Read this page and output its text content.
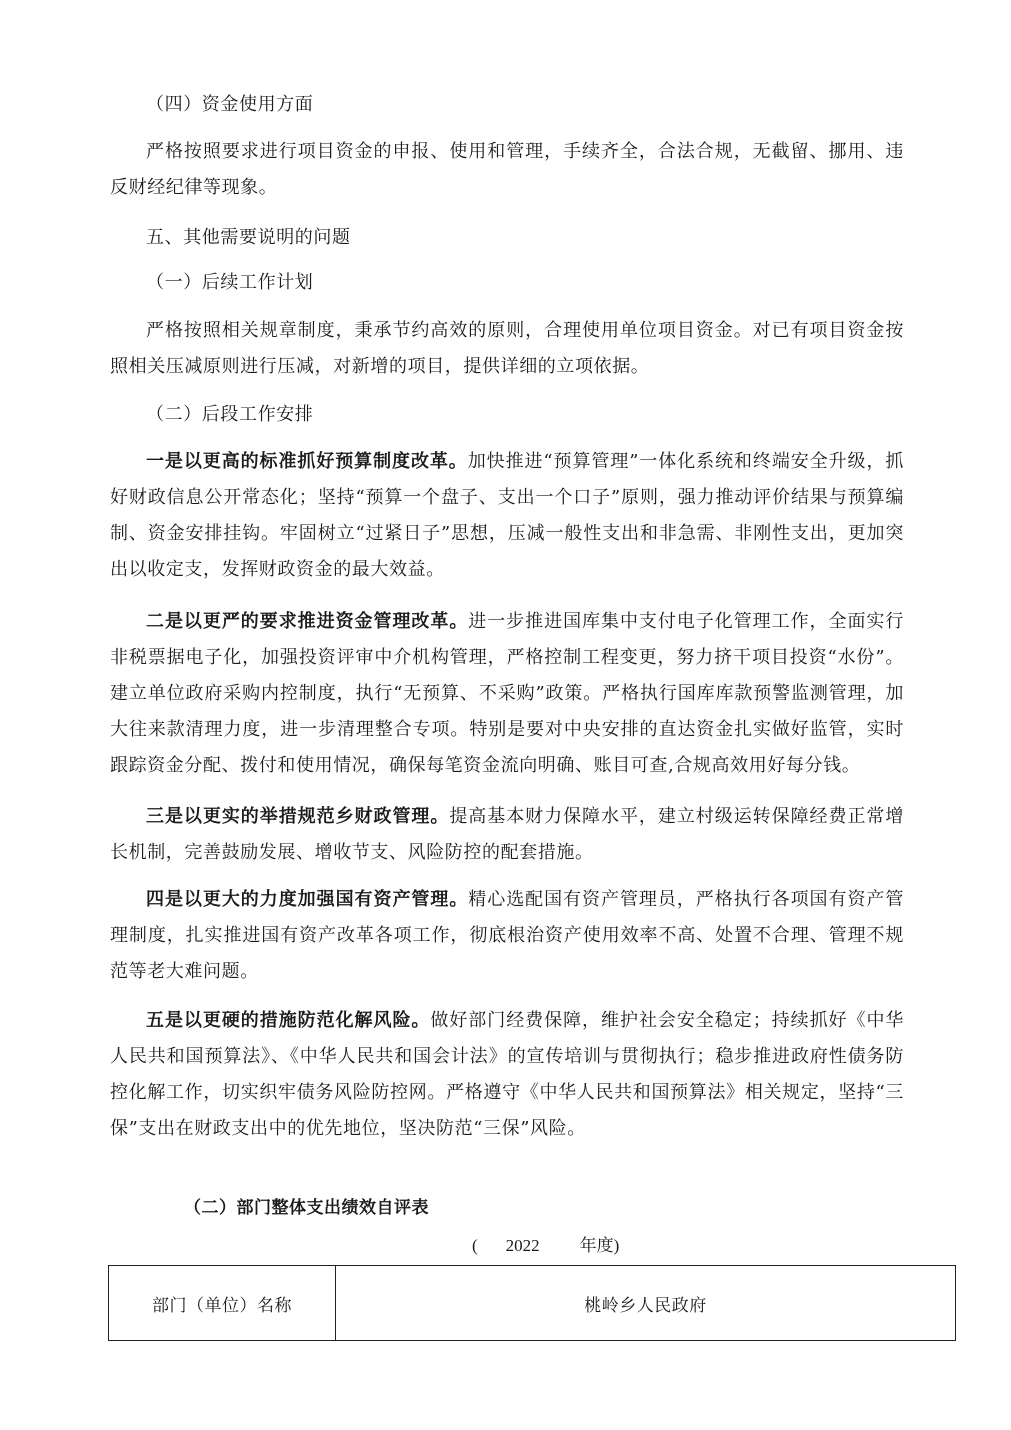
（四）资金使用方面

严格按照要求进行项目资金的申报、使用和管理，手续齐全，合法合规，无截留、挪用、违反财经纪律等现象。

五、其他需要说明的问题

（一）后续工作计划

严格按照相关规章制度，秉承节约高效的原则，合理使用单位项目资金。对已有项目资金按照相关压减原则进行压减，对新增的项目，提供详细的立项依据。

（二）后段工作安排

一是以更高的标准抓好预算制度改革。加快推进“预算管理”一体化系统和终端安全升级，抓好财政信息公开常态化；坚持“预算一个盘子、支出一个口子”原则，强力推动评价结果与预算编制、资金安排挂钩。牢固树立“过紧日子”思想，压减一般性支出和非急需、非刚性支出，更加突出以收定支，发挥财政资金的最大效益。

二是以更严的要求推进资金管理改革。进一步推进国库集中支付电子化管理工作，全面实行非税票据电子化，加强投资评审中介机构管理，严格控制工程变更，努力挤干项目投资“水份”。建立单位政府采购内控制度，执行“无预算、不采购”政策。严格执行国库库款预警监测管理，加大往来款清理力度，进一步清理整合专项。特别是要对中央安排的直达资金扎实做好监管，实时跟踪资金分配、拨付和使用情况，确保每笔资金流向明确、账目可查,合规高效用好每分钱。

三是以更实的举措规范乡财政管理。提高基本财力保障水平，建立村级运转保障经费正常增长机制，完善鼓励发展、增收节支、风险防控的配套措施。

四是以更大的力度加强国有资产管理。精心选配国有资产管理员，严格执行各项国有资产管理制度，扎实推进国有资产改革各项工作，彻底根治资产使用效率不高、处置不合理、管理不规范等老大难问题。

五是以更硬的措施防范化解风险。做好部门经费保障，维护社会安全稳定；持续抓好《中华人民共和国预算法》、《中华人民共和国会计法》的宣传培训与贯彻执行；稳步推进政府性债务防控化解工作，切实织牢债务风险防控网。严格遵守《中华人民共和国预算法》相关规定，坚持“三保”支出在财政支出中的优先地位，坚决防范“三保”风险。

（二）部门整体支出绩效自评表

( 2022 年度)
部门（单位）名称	桃岭乡人民政府
